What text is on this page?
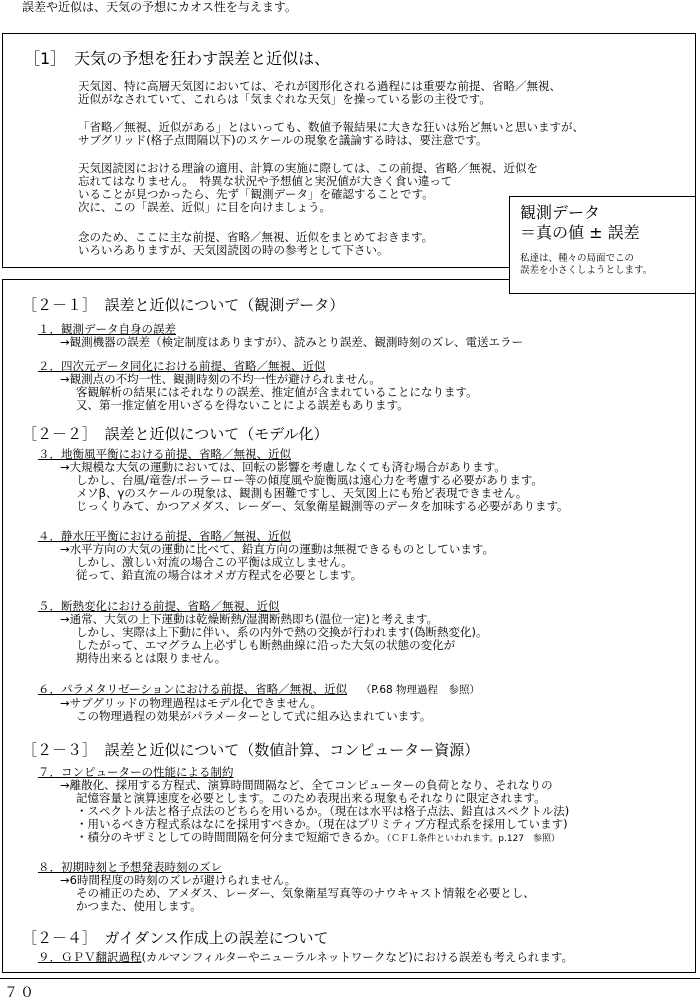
誤差や近似は、天気の予想にカオス性を与えます。
［1］　天気の予想を狂わす誤差と近似は、
天気図、特に高層天気図においては、それが図形化される過程には重要な前提、省略／無視、
近似がなされていて、これらは「気まぐれな天気」を操っている影の主役です。
「省略／無視、近似がある」とはいっても、数値予報結果に大きな狂いは殆ど無いと思いますが、
サブグリッド(格子点間隔以下)のスケールの現象を議論する時は、要注意です。
天気図読図における理論の適用、計算の実施に際しては、この前提、省略／無視、近似を
忘れてはなりません。　特異な状況や予想値と実況値が大きく食い違って
いることが見つかったら、先ず「観測データ」を確認することです。
次に、この「誤差、近似」に目を向けましょう。
念のため、ここに主な前提、省略／無視、近似をまとめておきます。
いろいろありますが、天気図読図の時の参考として下さい。
観測データ
＝真の値 ± 誤差
私達は、種々の局面でこの
誤差を小さくしようとします。
［２－１］　誤差と近似について（観測データ）
１．観測データ自身の誤差
→観測機器の誤差（検定制度はありますが）、読みとり誤差、観測時刻のズレ、電送エラー
２．四次元データ同化における前提、省略／無視、近似
→観測点の不均一性、観測時刻の不均一性が避けられません。
客観解析の結果にはそれなりの誤差、推定値が含まれていることになります。
又、第一推定値を用いざるを得ないことによる誤差もあります。
［２－２］　誤差と近似について（モデル化）
３．地衡風平衡における前提、省略／無視、近似
→大規模な大気の運動においては、回転の影響を考慮しなくても済む場合があります。
しかし、台風/竜巻/ポーラーロー等の傾度風や旋衡風は遠心力を考慮する必要があります。
メソβ、γのスケールの現象は、観測も困難ですし、天気図上にも殆ど表現できません。
じっくりみて、かつアメダス、レーダー、気象衛星観測等のデータを加味する必要があります。
４．静水圧平衡における前提、省略／無視、近似
→水平方向の大気の運動に比べて、鉛直方向の運動は無視できるものとしています。
しかし、激しい対流の場合この平衡は成立しません。
従って、鉛直流の場合はオメガ方程式を必要とします。
５．断熱変化における前提、省略／無視、近似
→通常、大気の上下運動は乾燥断熱/湿潤断熱即ち(温位一定)と考えます。
しかし、実際は上下動に伴い、系の内外で熱の交換が行われます(偽断熱変化)。
したがって、エマグラム上必ずしも断熱曲線に沿った大気の状態の変化が
期待出来るとは限りません。
６．パラメタリゼーションにおける前提、省略／無視、近似 （P.68 物理過程　参照）
→サブグリッドの物理過程はモデル化できません。
この物理過程の効果がパラメーターとして式に組み込まれています。
［２－３］　誤差と近似について（数値計算、コンピューター資源）
７．コンピューターの性能による制約
→離散化、採用する方程式、演算時間間隔など、全てコンピューターの負荷となり、それなりの
記憶容量と演算速度を必要とします。このため表現出来る現象もそれなりに限定されます。
・スペクトル法と格子点法のどちらを用いるか。（現在は水平は格子点法、鉛直はスペクトル法)
・用いるべき方程式系はなにを採用すべきか。（現在はプリミティブ方程式系を採用しています)
・積分のキザミとしての時間間隔を何分まで短縮できるか。（ＣＦＬ条件といわれます。p.127　参照）
８．初期時刻と予想発表時刻のズレ
→6時間程度の時刻のズレが避けられません。
その補正のため、アメダス、レーダー、気象衛星写真等のナウキャスト情報を必要とし、
かつまた、使用します。
［２－４］　ガイダンス作成上の誤差について
９．ＧＰＶ翻訳過程(カルマンフィルターやニューラルネットワークなど)における誤差も考えられます。
７０
